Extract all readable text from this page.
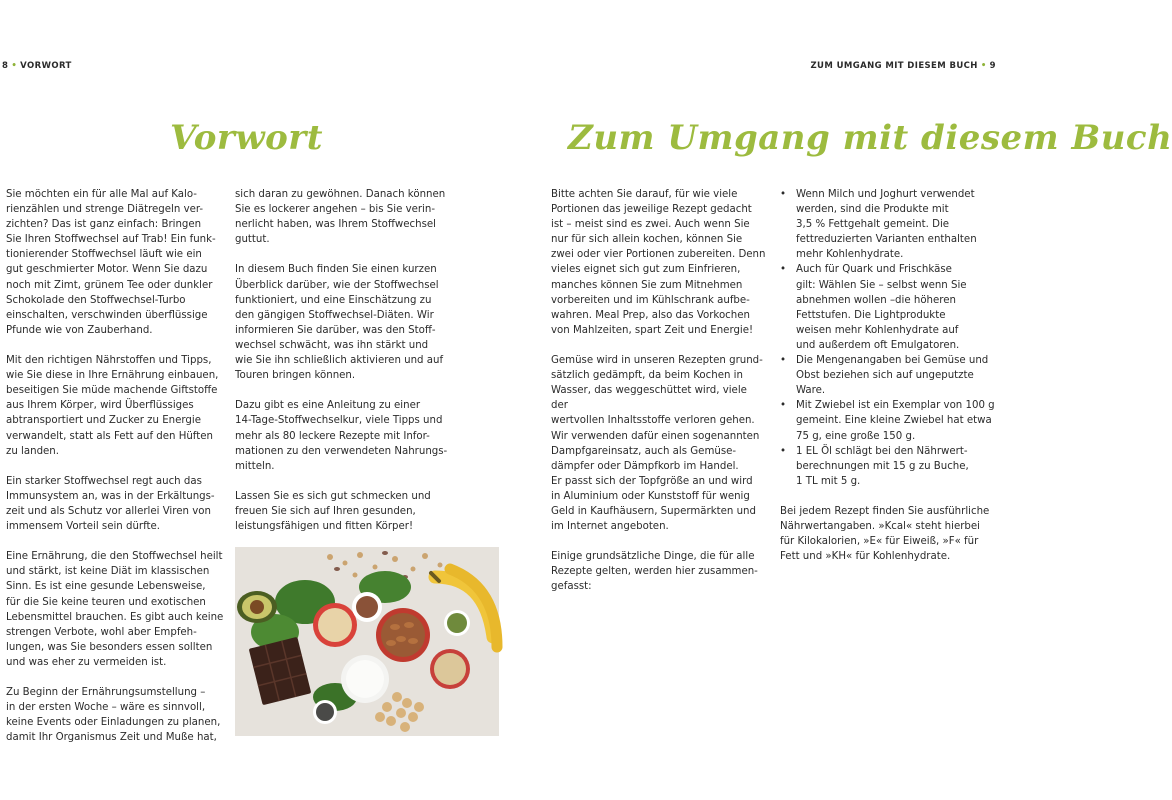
8 • VORWORT
Vorwort

Sie möchten ein für alle Mal auf Kalo-
rienzählen und strenge Diätregeln ver-
zichten? Das ist ganz einfach: Bringen
Sie Ihren Stoffwechsel auf Trab! Ein funk-
tionierender Stoffwechsel läuft wie ein
gut geschmierter Motor. Wenn Sie dazu
noch mit Zimt, grünem Tee oder dunkler
Schokolade den Stoffwechsel-Turbo
einschalten, verschwinden überflüssige
Pfunde wie von Zauberhand.

Mit den richtigen Nährstoffen und Tipps,
wie Sie diese in Ihre Ernährung einbauen,
beseitigen Sie müde machende Giftstoffe
aus Ihrem Körper, wird Überflüssiges
abtransportiert und Zucker zu Energie
verwandelt, statt als Fett auf den Hüften
zu landen.

Ein starker Stoffwechsel regt auch das
Immunsystem an, was in der Erkältungs-
zeit und als Schutz vor allerlei Viren von
immensem Vorteil sein dürfte.

Eine Ernährung, die den Stoffwechsel heilt
und stärkt, ist keine Diät im klassischen
Sinn. Es ist eine gesunde Lebensweise,
für die Sie keine teuren und exotischen
Lebensmittel brauchen. Es gibt auch keine
strengen Verbote, wohl aber Empfeh-
lungen, was Sie besonders essen sollten
und was eher zu vermeiden ist.

Zu Beginn der Ernährungsumstellung –
in der ersten Woche – wäre es sinnvoll,
keine Events oder Einladungen zu planen,
damit Ihr Organismus Zeit und Muße hat,

sich daran zu gewöhnen. Danach können
Sie es lockerer angehen – bis Sie verin-
nerlicht haben, was Ihrem Stoffwechsel
guttut.

In diesem Buch finden Sie einen kurzen
Überblick darüber, wie der Stoffwechsel
funktioniert, und eine Einschätzung zu
den gängigen Stoffwechsel-Diäten. Wir
informieren Sie darüber, was den Stoff-
wechsel schwächt, was ihn stärkt und
wie Sie ihn schließlich aktivieren und auf
Touren bringen können.

Dazu gibt es eine Anleitung zu einer
14-Tage-Stoffwechselkur, viele Tipps und
mehr als 80 leckere Rezepte mit Infor-
mationen zu den verwendeten Nahrungs-
mitteln.

Lassen Sie es sich gut schmecken und
freuen Sie sich auf Ihren gesunden,
leistungsfähigen und fitten Körper!

ZUM UMGANG MIT DIESEM BUCH • 9
Zum Umgang mit diesem Buch

Bitte achten Sie darauf, für wie viele
Portionen das jeweilige Rezept gedacht
ist – meist sind es zwei. Auch wenn Sie
nur für sich allein kochen, können Sie
zwei oder vier Portionen zubereiten. Denn
vieles eignet sich gut zum Einfrieren,
manches können Sie zum Mitnehmen
vorbereiten und im Kühlschrank aufbe-
wahren. Meal Prep, also das Vorkochen
von Mahlzeiten, spart Zeit und Energie!

Gemüse wird in unseren Rezepten grund-
sätzlich gedämpft, da beim Kochen in
Wasser, das weggeschüttet wird, viele der
wertvollen Inhaltsstoffe verloren gehen.
Wir verwenden dafür einen sogenannten
Dampfgareinsatz, auch als Gemüse-
dämpfer oder Dämpfkorb im Handel.
Er passt sich der Topfgröße an und wird
in Aluminium oder Kunststoff für wenig
Geld in Kaufhäusern, Supermärkten und
im Internet angeboten.

Einige grundsätzliche Dinge, die für alle
Rezepte gelten, werden hier zusammen-
gefasst:

• Wenn Milch und Joghurt verwendet
werden, sind die Produkte mit
3,5 % Fettgehalt gemeint. Die
fettreduzierten Varianten enthalten
mehr Kohlenhydrate.
• Auch für Quark und Frischkäse
gilt: Wählen Sie – selbst wenn Sie
abnehmen wollen –die höheren
Fettstufen. Die Lightprodukte
weisen mehr Kohlenhydrate auf
und außerdem oft Emulgatoren.
• Die Mengenangaben bei Gemüse und
Obst beziehen sich auf ungeputzte
Ware.
• Mit Zwiebel ist ein Exemplar von 100 g
gemeint. Eine kleine Zwiebel hat etwa
75 g, eine große 150 g.
• 1 EL Öl schlägt bei den Nährwert-
berechnungen mit 15 g zu Buche,
1 TL mit 5 g.

Bei jedem Rezept finden Sie ausführliche
Nährwertangaben. »Kcal« steht hierbei
für Kilokalorien, »E« für Eiweiß, »F« für
Fett und »KH« für Kohlenhydrate.
